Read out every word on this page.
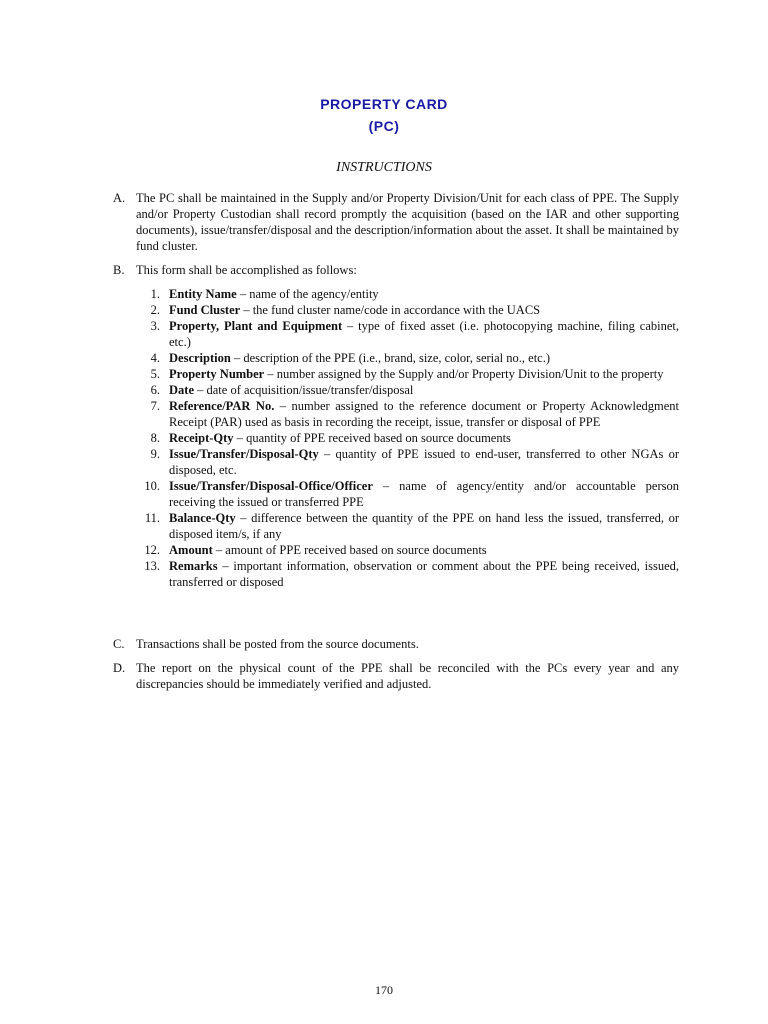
PROPERTY CARD
(PC)
INSTRUCTIONS
A. The PC shall be maintained in the Supply and/or Property Division/Unit for each class of PPE. The Supply and/or Property Custodian shall record promptly the acquisition (based on the IAR and other supporting documents), issue/transfer/disposal and the description/information about the asset. It shall be maintained by fund cluster.
B. This form shall be accomplished as follows:
1. Entity Name – name of the agency/entity
2. Fund Cluster – the fund cluster name/code in accordance with the UACS
3. Property, Plant and Equipment – type of fixed asset (i.e. photocopying machine, filing cabinet, etc.)
4. Description – description of the PPE (i.e., brand, size, color, serial no., etc.)
5. Property Number – number assigned by the Supply and/or Property Division/Unit to the property
6. Date – date of acquisition/issue/transfer/disposal
7. Reference/PAR No. – number assigned to the reference document or Property Acknowledgment Receipt (PAR) used as basis in recording the receipt, issue, transfer or disposal of PPE
8. Receipt-Qty – quantity of PPE received based on source documents
9. Issue/Transfer/Disposal-Qty – quantity of PPE issued to end-user, transferred to other NGAs or disposed, etc.
10. Issue/Transfer/Disposal-Office/Officer – name of agency/entity and/or accountable person receiving the issued or transferred PPE
11. Balance-Qty – difference between the quantity of the PPE on hand less the issued, transferred, or disposed item/s, if any
12. Amount – amount of PPE received based on source documents
13. Remarks – important information, observation or comment about the PPE being received, issued, transferred or disposed
C. Transactions shall be posted from the source documents.
D. The report on the physical count of the PPE shall be reconciled with the PCs every year and any discrepancies should be immediately verified and adjusted.
170
